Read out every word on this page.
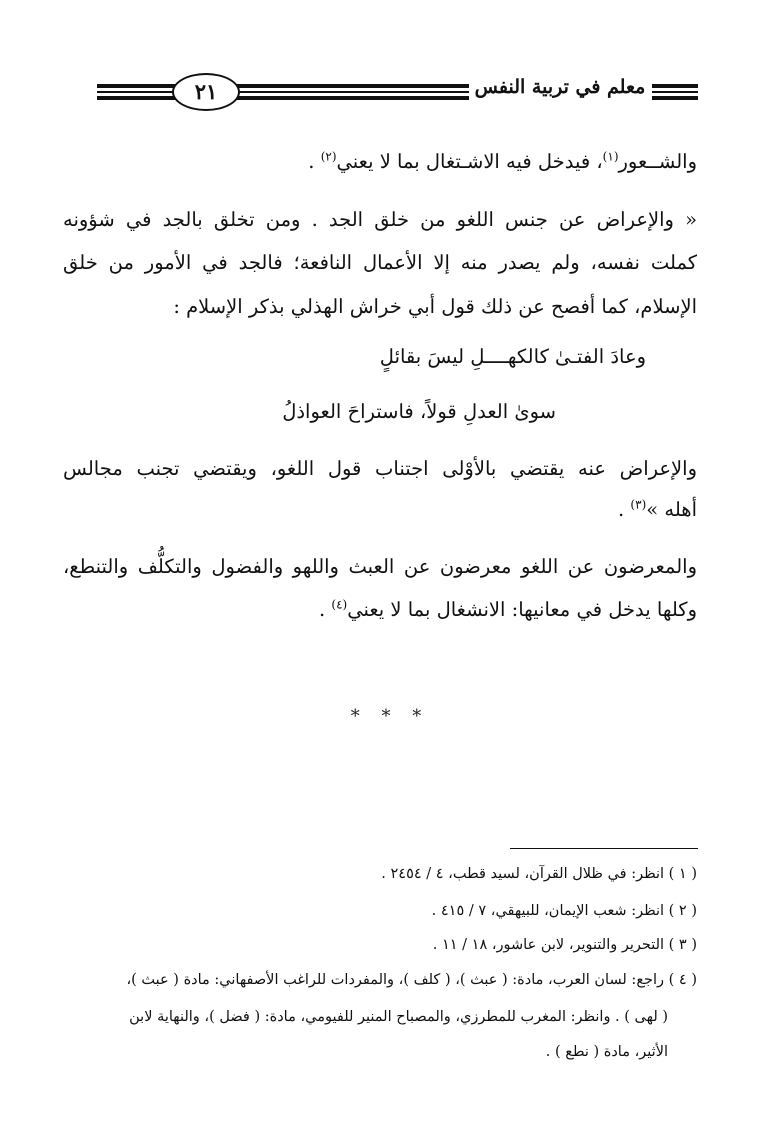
معلم في تربية النفس
٢١
والشــعور$^{(١)}$، فيدخل فيه الاشـتغال بما لا يعني$^{(٢)}$ .
« والإعراض عن جنس اللغو من خلق الجد . ومن تخلق بالجد في شؤونه
كملت نفسه، ولم يصدر منه إلا الأعمال النافعة؛ فالجد في الأمور من خلق
الإسلام، كما أفصح عن ذلك قول أبي خراش الهذلي بذكر الإسلام :
وعادَ الفتـىٰ كالكهــــلِ ليسَ بقائلٍ
سوىٰ العدلِ قولاً، فاستراحَ العواذلُ
والإعراض عنه يقتضي بالأوْلى اجتناب قول اللغو، ويقتضي تجنب مجالس
أهله »$^{(٣)}$ .
والمعرضون عن اللغو معرضون عن العبث واللهو والفضول والتكلُّف والتنطع،
وكلها يدخل في معانيها: الانشغال بما لا يعني$^{(٤)}$ .
* * *
( ١ ) انظر: في ظلال القرآن، لسيد قطب، ٤ / ٢٤٥٤ .
( ٢ ) انظر: شعب الإيمان، للبيهقي، ٧ / ٤١٥ .
( ٣ ) التحرير والتنوير، لابن عاشور، ١٨ / ١١ .
( ٤ ) راجع: لسان العرب، مادة: ( عبث )، ( كلف )، والمفردات للراغب الأصفهاني: مادة ( عبث )،
( لهى ) . وانظر: المغرب للمطرزي، والمصباح المنير للفيومي، مادة: ( فضل )، والنهاية لابن
الأثير، مادة ( نطع ) .
